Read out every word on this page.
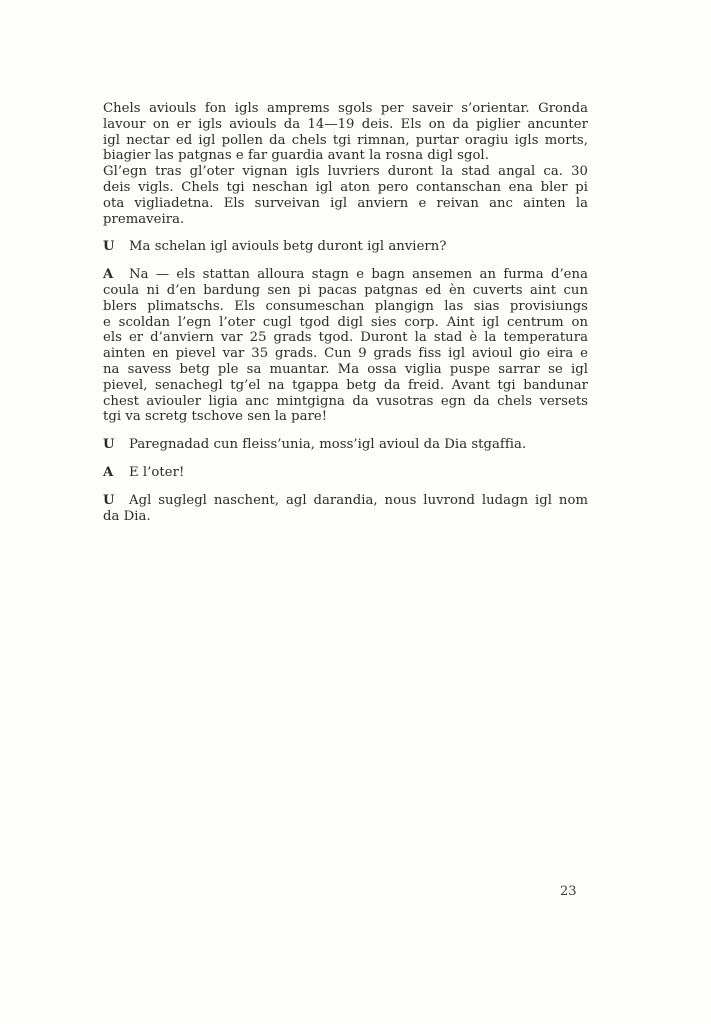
Chels aviouls fon igls amprems sgols per saveir s’orientar. Gronda
lavour on er igls aviouls da 14—19 deis. Els on da piglier ancunter
igl nectar ed igl pollen da chels tgi rimnan, purtar oragiu igls morts,
biagier las patgnas e far guardia avant la rosna digl sgol.

Gl’egn tras gl’oter vignan igls luvriers duront la stad angal ca. 30
deis vigls. Chels tgi neschan igl aton pero contanschan ena bler pi
ota vigliadetna. Els surveivan igl anviern e reivan anc ainten la
premaveira.

U Ma schelan igl aviouls betg duront igl anviern?

A Na — els stattan alloura stagn e bagn ansemen an furma d’ena
coula ni d’en bardung sen pi pacas patgnas ed èn cuverts aint cun
blers plimatschs. Els consumeschan plangign las sias provisiungs
e scoldan l’egn l’oter cugl tgod digl sies corp. Aint igl centrum on
els er d’anviern var 25 grads tgod. Duront la stad è la temperatura
ainten en pievel var 35 grads. Cun 9 grads fiss igl avioul gio eira e
na savess betg ple sa muantar. Ma ossa viglia puspe sarrar se igl
pievel, senachegl tg’el na tgappa betg da freid. Avant tgi bandunar
chest aviouler ligia anc mintgigna da vusotras egn da chels versets
tgi va scretg tschove sen la pare!

U Paregnadad cun fleiss’unia, moss’igl avioul da Dia stgaffia.

A E l’oter!

U Agl suglegl naschent, agl darandia, nous luvrond ludagn igl nom
da Dia.

23
